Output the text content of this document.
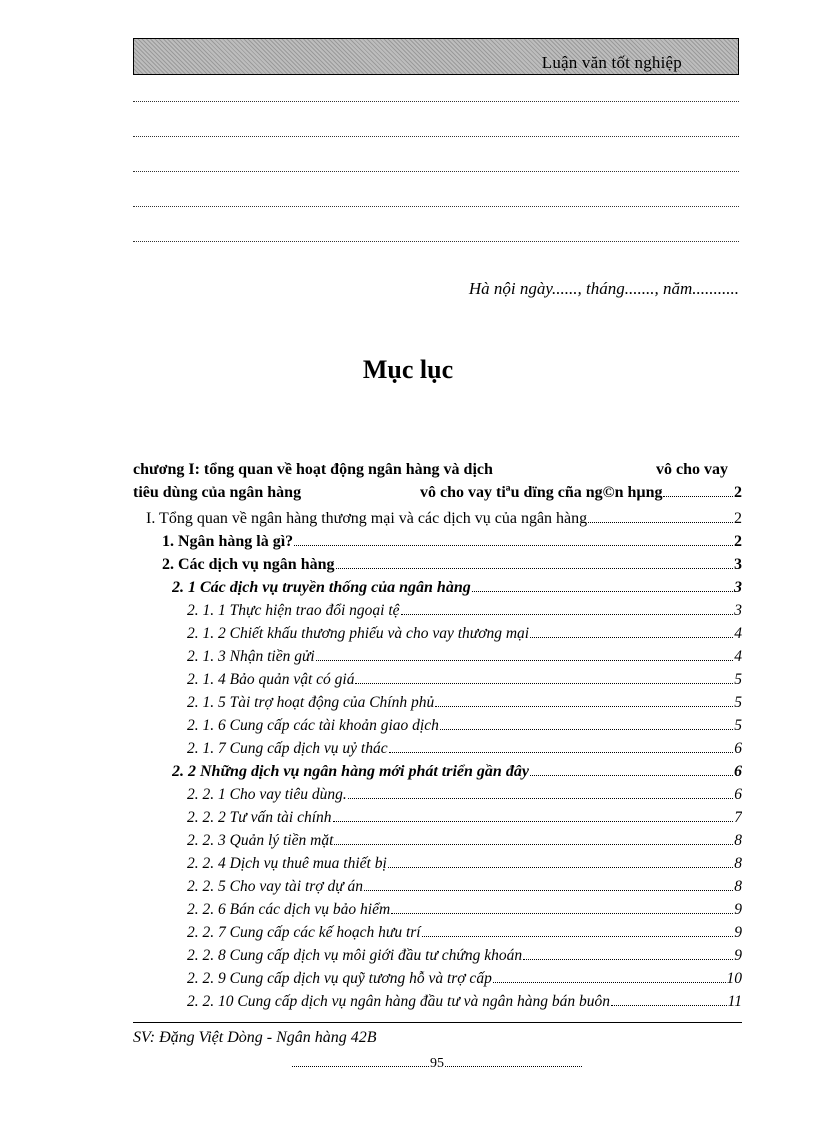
Luận văn tốt nghiệp
Hà nội ngày......, tháng......., năm...........
Mục lục
chương I: tổng quan về hoạt động ngân hàng và dịch	vô cho vay
tiêu dùng của ngân hàng	vô cho vay tiªu dïng cña ng©n hµng	2
I. Tổng quan về ngân hàng thương mại và các dịch vụ của ngân hàng	2
1. Ngân hàng là gì?	2
2. Các dịch vụ ngân hàng	3
2. 1 Các dịch vụ truyền thống của ngân hàng	3
2. 1. 1 Thực hiện trao đổi ngoại tệ	3
2. 1. 2 Chiết khấu thương phiếu và cho vay thương mại	4
2. 1. 3 Nhận tiền gửi	4
2. 1. 4 Bảo quản vật có giá	5
2. 1. 5 Tài trợ hoạt động của Chính phủ	5
2. 1. 6 Cung cấp các tài khoản giao dịch	5
2. 1. 7 Cung cấp dịch vụ uỷ thác	6
2. 2 Những dịch vụ ngân hàng mới phát triển gần đây	6
2. 2. 1 Cho vay tiêu dùng.	6
2. 2. 2 Tư vấn tài chính	7
2. 2. 3 Quản lý tiền mặt	8
2. 2. 4 Dịch vụ thuê mua thiết bị	8
2. 2. 5 Cho vay tài trợ dự án	8
2. 2. 6 Bán các dịch vụ bảo hiểm	9
2. 2. 7 Cung cấp các kế hoạch hưu trí	9
2. 2. 8 Cung cấp dịch vụ môi giới đầu tư chứng khoán	9
2. 2. 9 Cung cấp dịch vụ quỹ tương hỗ và trợ cấp	10
2. 2. 10 Cung cấp dịch vụ ngân hàng đầu tư và ngân hàng bán buôn	11
SV: Đặng Việt Dòng - Ngân hàng 42B
95
